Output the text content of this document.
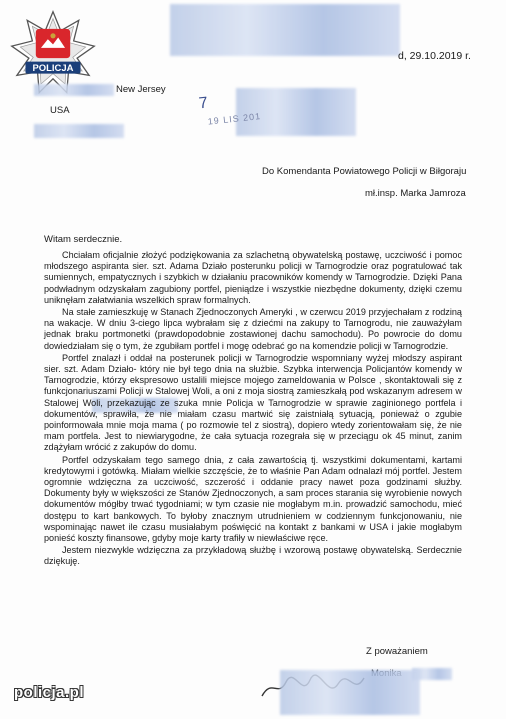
POLICJA
d, 29.10.2019 r.
New Jersey
USA	7
19 LIS 201
Do Komendanta Powiatowego Policji w Biłgoraju
mł.insp. Marka Jamroza
Witam serdecznie.

Chciałam oficjalnie złożyć podziękowania za szlachetną obywatelską postawę, uczciwość i pomoc młodszego aspiranta sier. szt. Adama Działo posterunku policji w Tarnogrodzie oraz pogratulować tak sumiennych, empatycznych i szybkich w działaniu pracowników komendy w Tarnogrodzie. Dzięki Pana podwładnym odzyskałam zagubiony portfel, pieniądze i wszystkie niezbędne dokumenty, dzięki czemu uniknęłam załatwiania wszelkich spraw formalnych.

Na stałe zamieszkuję w Stanach Zjednoczonych Ameryki , w czerwcu 2019 przyjechałam z rodziną na wakacje. W dniu 3-ciego lipca wybrałam się z dziećmi na zakupy to Tarnogrodu, nie zauważyłam jednak braku portmonetki (prawdopodobnie zostawionej dachu samochodu). Po powrocie do domu dowiedziałam się o tym, że zgubiłam portfel i mogę odebrać go na komendzie policji w Tarnogrodzie.

Portfel znalazł i oddał na posterunek policji w Tarnogrodzie wspomniany wyżej młodszy aspirant sier. szt. Adam Działo- który nie był tego dnia na służbie. Szybka interwencja Policjantów komendy w Tarnogrodzie, którzy ekspresowo ustalili miejsce mojego zameldowania w Polsce , skontaktowali się z funkcjonariuszami Policji w Stalowej Woli, a oni z moja siostrą zamieszkałą pod wskazanym adresem w Stalowej Woli, przekazując ze szuka mnie Policja w Tarnogrodzie w sprawie zaginionego portfela i dokumentów, sprawiła, że nie miałam czasu martwić się zaistniałą sytuacją, ponieważ o zgubie poinformowała mnie moja mama ( po rozmowie tel z siostrą), dopiero wtedy zorientowałam się, że nie mam portfela. Jest to niewiarygodne, że cała sytuacja rozegrała się w przeciągu ok 45 minut, zanim zdążyłam wrócić z zakupów do domu.

Portfel odzyskałam tego samego dnia, z cała zawartością tj. wszystkimi dokumentami, kartami kredytowymi i gotówką. Miałam wielkie szczęście, że to właśnie Pan Adam odnalazł mój portfel. Jestem ogromnie wdzięczna za uczciwość, szczerość i oddanie pracy nawet poza godzinami służby. Dokumenty były w większości ze Stanów Zjednoczonych, a sam proces starania się wyrobienie nowych dokumentów mógłby trwać tygodniami; w tym czasie nie mogłabym m.in. prowadzić samochodu, mieć dostępu to kart bankowych. To byłoby znacznym utrudnieniem w codziennym funkcjonowaniu, nie wspominając nawet ile czasu musiałabym poświęcić na kontakt z bankami w USA i jakie mogłabym ponieść koszty finansowe, gdyby moje karty trafiły w niewłaściwe ręce.

Jestem niezwykle wdzięczna za przykładową służbę i wzorową postawę obywatelską. Serdecznie dziękuję.

Z poważaniem
policja.pl
